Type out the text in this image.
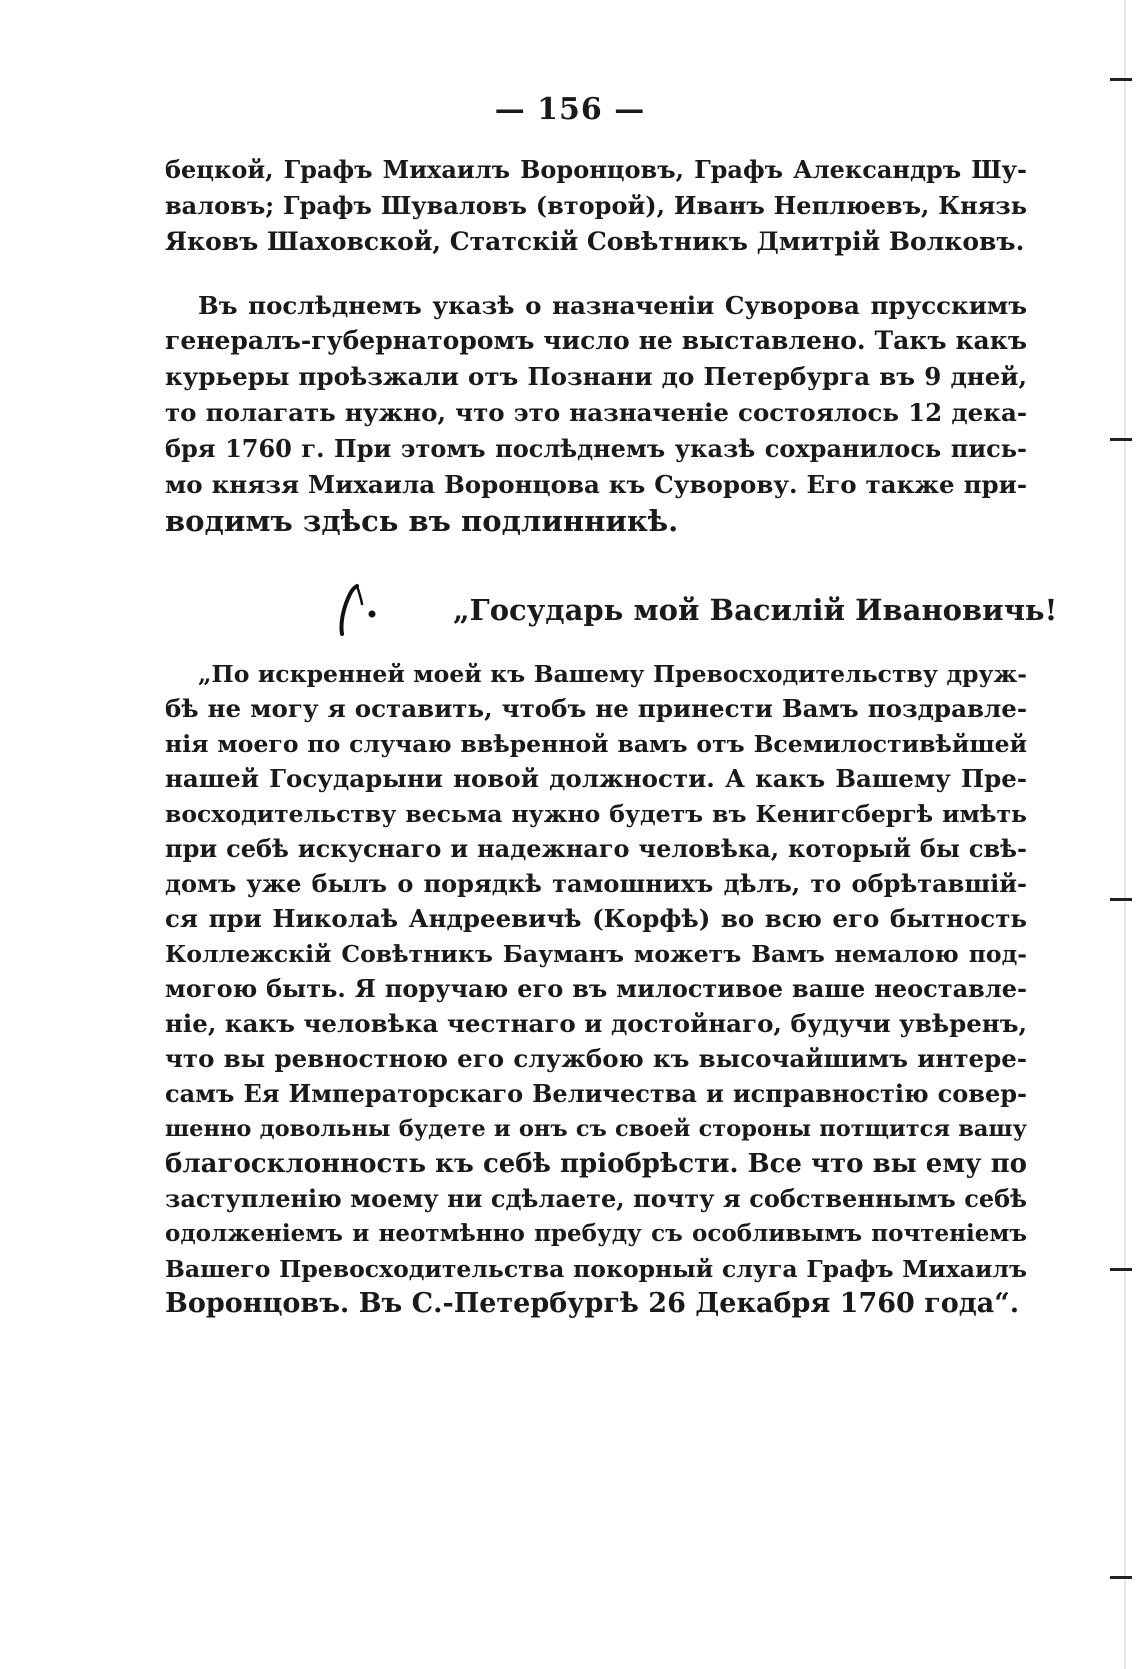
— 156 —
бецкой, Графъ Михаилъ Воронцовъ, Графъ Александръ Шу-
валовъ; Графъ Шуваловъ (второй), Иванъ Неплюевъ, Князь
Яковъ Шаховской, Статскій Совѣтникъ Дмитрій Волковъ.
Въ послѣднемъ указѣ о назначеніи Суворова прусскимъ
генералъ-губернаторомъ число не выставлено. Такъ какъ
курьеры проѣзжали отъ Познани до Петербурга въ 9 дней,
то полагать нужно, что это назначеніе состоялось 12 дека-
бря 1760 г. При этомъ послѣднемъ указѣ сохранилось пись-
мо князя Михаила Воронцова къ Суворову. Его также при-
водимъ здѣсь въ подлинникѣ.
„Государь мой Василій Ивановичь!
„По искренней моей къ Вашему Превосходительству друж-
бѣ не могу я оставить, чтобъ не принести Вамъ поздравле-
нія моего по случаю ввѣренной вамъ отъ Всемилостивѣйшей
нашей Государыни новой должности. А какъ Вашему Пре-
восходительству весьма нужно будетъ въ Кенигсбергѣ имѣть
при себѣ искуснаго и надежнаго человѣка, который бы свѣ-
домъ уже былъ о порядкѣ тамошнихъ дѣлъ, то обрѣтавшій-
ся при Николаѣ Андреевичѣ (Корфѣ) во всю его бытность
Коллежскій Совѣтникъ Бауманъ можетъ Вамъ немалою под-
могою быть. Я поручаю его въ милостивое ваше неоставле-
ніе, какъ человѣка честнаго и достойнаго, будучи увѣренъ,
что вы ревностною его службою къ высочайшимъ интере-
самъ Ея Императорскаго Величества и исправностію совер-
шенно довольны будете и онъ съ своей стороны потщится вашу
благосклонность къ себѣ пріобрѣсти. Все что вы ему по
заступленію моему ни сдѣлаете, почту я собственнымъ себѣ
одолженіемъ и неотмѣнно пребуду съ особливымъ почтеніемъ
Вашего Превосходительства покорный слуга Графъ Михаилъ
Воронцовъ. Въ С.-Петербургѣ 26 Декабря 1760 года“.
